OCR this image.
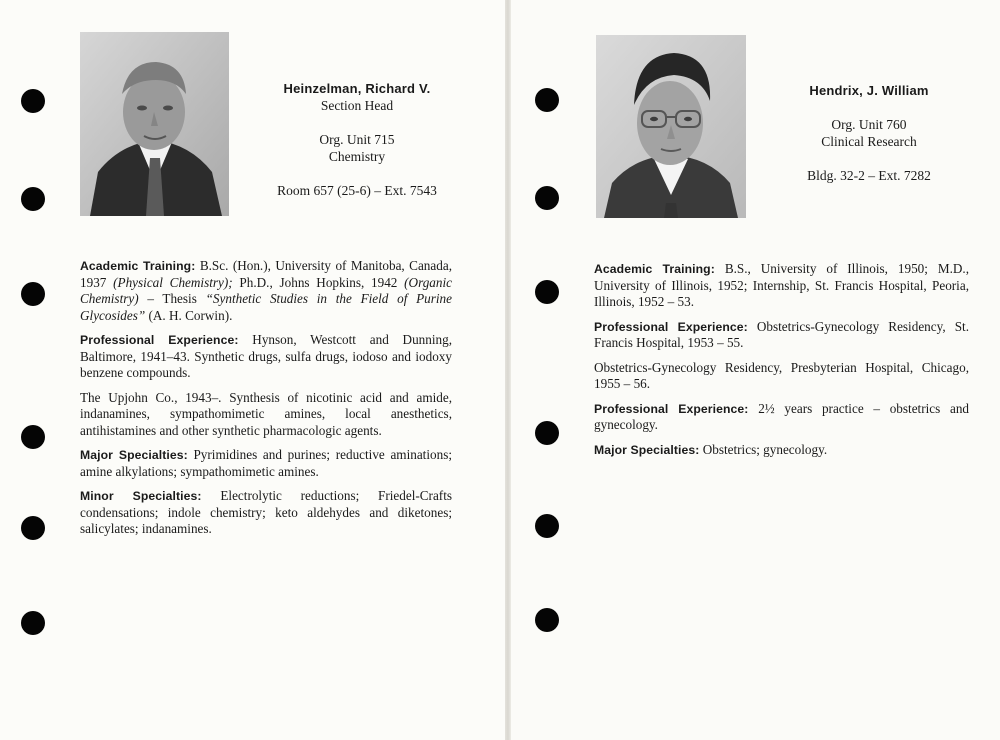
Heinzelman, Richard V.
Section Head
Org. Unit 715
Chemistry
Room 657 (25-6) – Ext. 7543

Academic Training: B.Sc. (Hon.), University of Manitoba, Canada, 1937 (Physical Chemistry); Ph.D., Johns Hopkins, 1942 (Organic Chemistry) – Thesis “Synthetic Studies in the Field of Purine Glycosides” (A. H. Corwin).

Professional Experience: Hynson, Westcott and Dunning, Baltimore, 1941–43. Synthetic drugs, sulfa drugs, iodoso and iodoxy benzene compounds.

The Upjohn Co., 1943–. Synthesis of nicotinic acid and amide, indanamines, sympathomimetic amines, local anesthetics, antihistamines and other synthetic pharmacologic agents.

Major Specialties: Pyrimidines and purines; reductive aminations; amine alkylations; sympathomimetic amines.

Minor Specialties: Electrolytic reductions; Friedel-Crafts condensations; indole chemistry; keto aldehydes and diketones; salicylates; indanamines.

Hendrix, J. William
Org. Unit 760
Clinical Research
Bldg. 32-2 – Ext. 7282

Academic Training: B.S., University of Illinois, 1950; M.D., University of Illinois, 1952; Internship, St. Francis Hospital, Peoria, Illinois, 1952 – 53.

Professional Experience: Obstetrics-Gynecology Residency, St. Francis Hospital, 1953 – 55.

Obstetrics-Gynecology Residency, Presbyterian Hospital, Chicago, 1955 – 56.

Professional Experience: 2½ years practice – obstetrics and gynecology.

Major Specialties: Obstetrics; gynecology.
